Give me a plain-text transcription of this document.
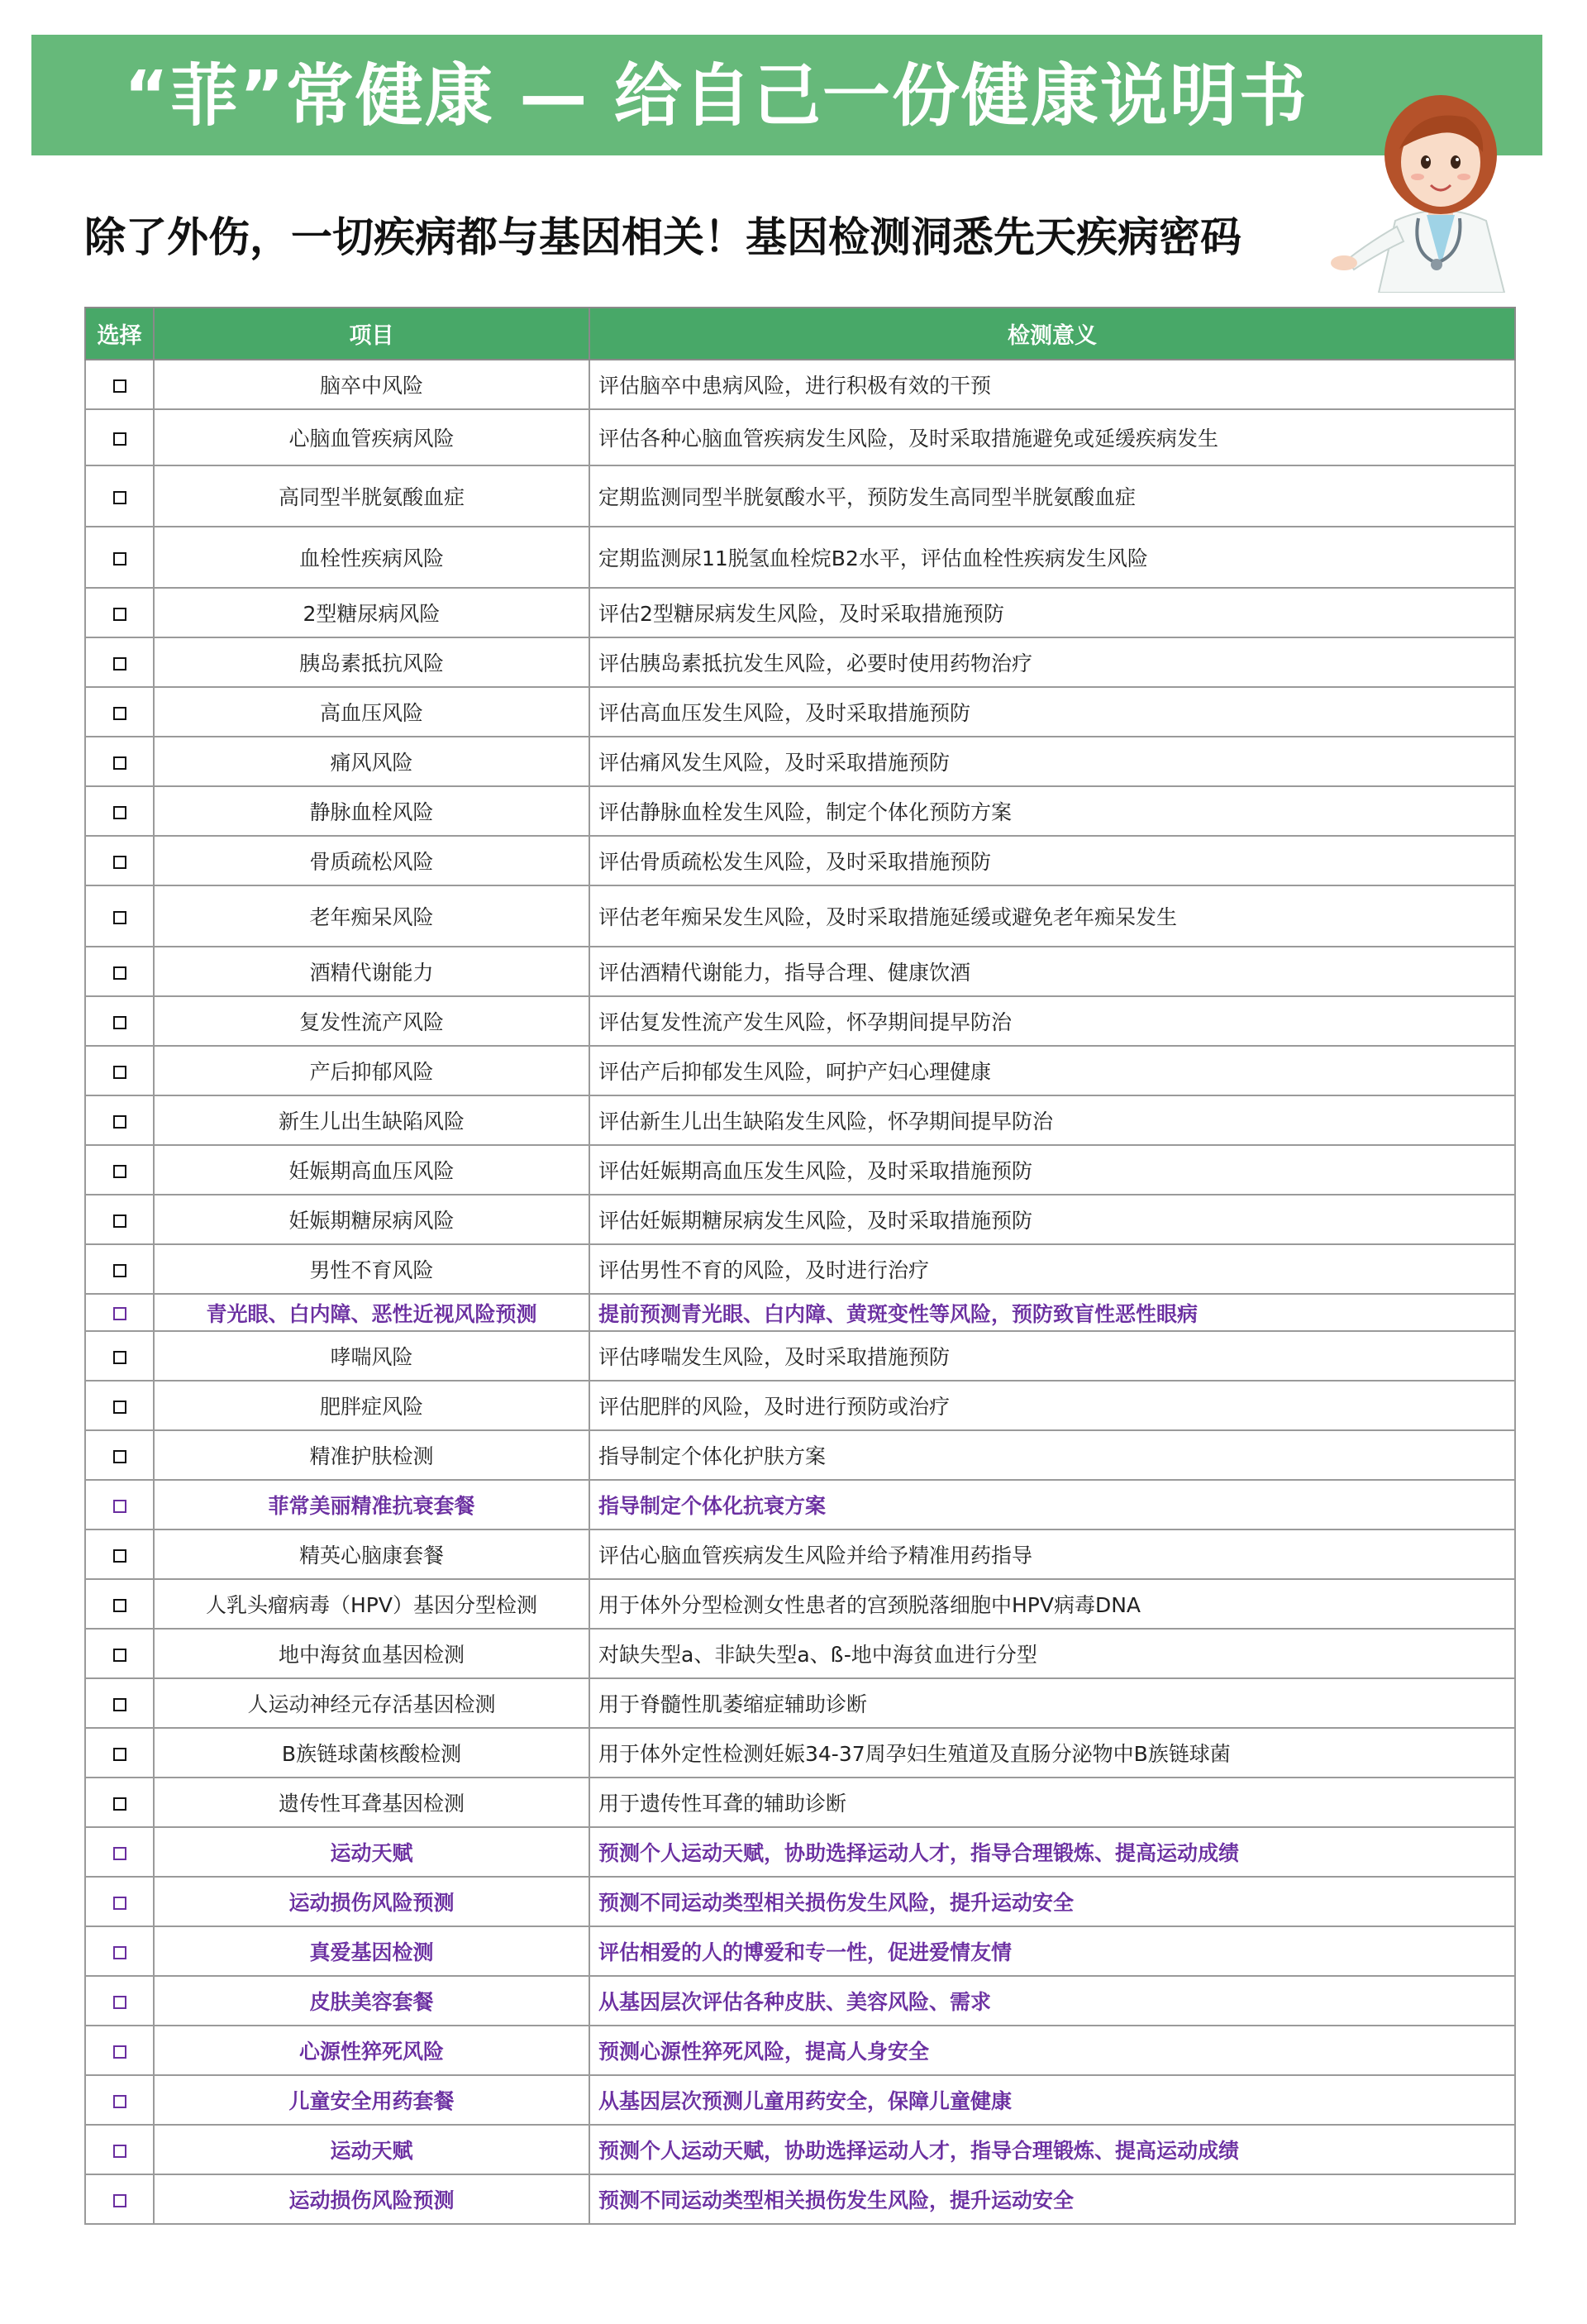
“菲”常健康 — 给自己一份健康说明书
除了外伤，一切疾病都与基因相关！基因检测洞悉先天疾病密码
选择	项目	检测意义
	脑卒中风险	评估脑卒中患病风险，进行积极有效的干预
	心脑血管疾病风险	评估各种心脑血管疾病发生风险，及时采取措施避免或延缓疾病发生
	高同型半胱氨酸血症	定期监测同型半胱氨酸水平，预防发生高同型半胱氨酸血症
	血栓性疾病风险	定期监测尿11脱氢血栓烷B2水平，评估血栓性疾病发生风险
	2型糖尿病风险	评估2型糖尿病发生风险，及时采取措施预防
	胰岛素抵抗风险	评估胰岛素抵抗发生风险，必要时使用药物治疗
	高血压风险	评估高血压发生风险，及时采取措施预防
	痛风风险	评估痛风发生风险，及时采取措施预防
	静脉血栓风险	评估静脉血栓发生风险，制定个体化预防方案
	骨质疏松风险	评估骨质疏松发生风险，及时采取措施预防
	老年痴呆风险	评估老年痴呆发生风险，及时采取措施延缓或避免老年痴呆发生
	酒精代谢能力	评估酒精代谢能力，指导合理、健康饮酒
	复发性流产风险	评估复发性流产发生风险，怀孕期间提早防治
	产后抑郁风险	评估产后抑郁发生风险，呵护产妇心理健康
	新生儿出生缺陷风险	评估新生儿出生缺陷发生风险，怀孕期间提早防治
	妊娠期高血压风险	评估妊娠期高血压发生风险，及时采取措施预防
	妊娠期糖尿病风险	评估妊娠期糖尿病发生风险，及时采取措施预防
	男性不育风险	评估男性不育的风险，及时进行治疗
	青光眼、白内障、恶性近视风险预测	提前预测青光眼、白内障、黄斑变性等风险，预防致盲性恶性眼病
	哮喘风险	评估哮喘发生风险，及时采取措施预防
	肥胖症风险	评估肥胖的风险，及时进行预防或治疗
	精准护肤检测	指导制定个体化护肤方案
	菲常美丽精准抗衰套餐	指导制定个体化抗衰方案
	精英心脑康套餐	评估心脑血管疾病发生风险并给予精准用药指导
	人乳头瘤病毒（HPV）基因分型检测	用于体外分型检测女性患者的宫颈脱落细胞中HPV病毒DNA
	地中海贫血基因检测	对缺失型a、非缺失型a、ß-地中海贫血进行分型
	人运动神经元存活基因检测	用于脊髓性肌萎缩症辅助诊断
	B族链球菌核酸检测	用于体外定性检测妊娠34-37周孕妇生殖道及直肠分泌物中B族链球菌
	遗传性耳聋基因检测	用于遗传性耳聋的辅助诊断
	运动天赋	预测个人运动天赋，协助选择运动人才，指导合理锻炼、提高运动成绩
	运动损伤风险预测	预测不同运动类型相关损伤发生风险，提升运动安全
	真爱基因检测	评估相爱的人的博爱和专一性，促进爱情友情
	皮肤美容套餐	从基因层次评估各种皮肤、美容风险、需求
	心源性猝死风险	预测心源性猝死风险，提高人身安全
	儿童安全用药套餐	从基因层次预测儿童用药安全，保障儿童健康
	运动天赋	预测个人运动天赋，协助选择运动人才，指导合理锻炼、提高运动成绩
	运动损伤风险预测	预测不同运动类型相关损伤发生风险，提升运动安全
